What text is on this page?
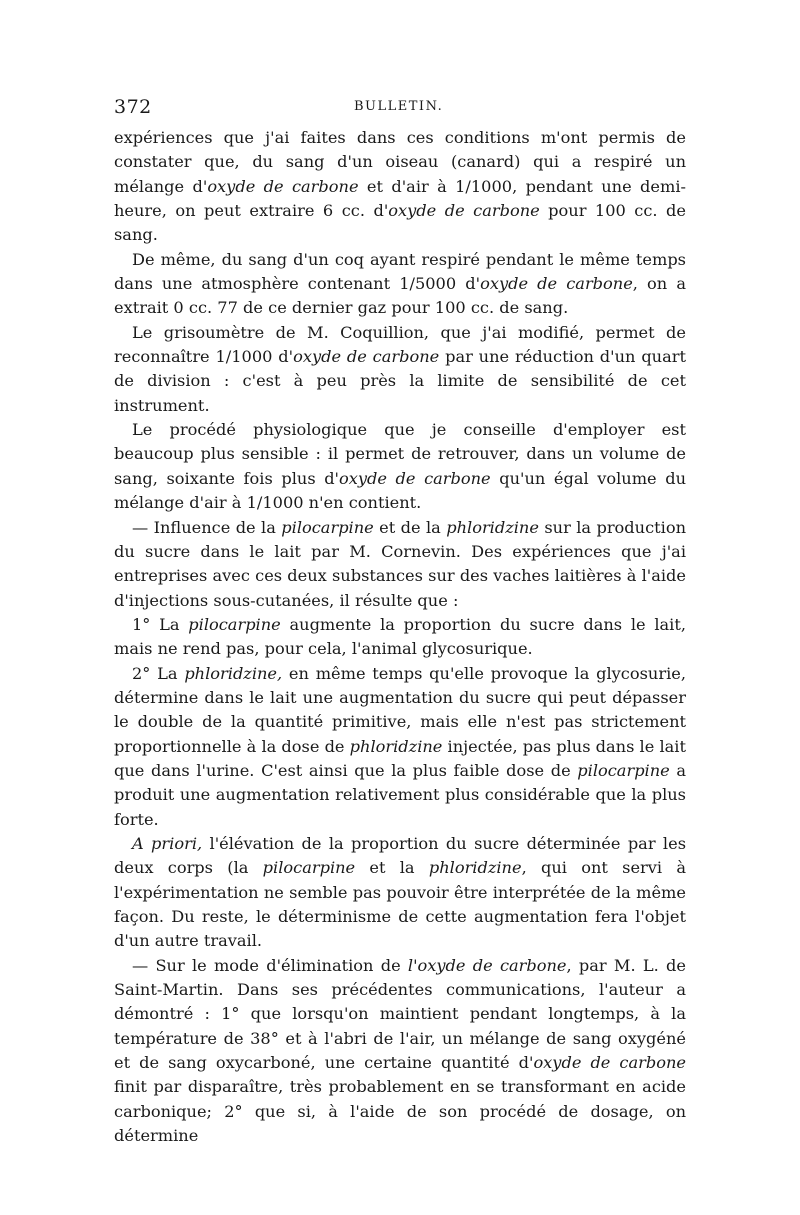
372	BULLETIN.

expériences que j'ai faites dans ces conditions m'ont permis de constater que, du sang d'un oiseau (canard) qui a respiré un mélange d'oxyde de carbone et d'air à 1/1000, pendant une demi-heure, on peut extraire 6 cc. d'oxyde de carbone pour 100 cc. de sang.

De même, du sang d'un coq ayant respiré pendant le même temps dans une atmosphère contenant 1/5000 d'oxyde de carbone, on a extrait 0 cc. 77 de ce dernier gaz pour 100 cc. de sang.

Le grisoumètre de M. Coquillion, que j'ai modifié, permet de reconnaître 1/1000 d'oxyde de carbone par une réduction d'un quart de division : c'est à peu près la limite de sensibilité de cet instrument.

Le procédé physiologique que je conseille d'employer est beaucoup plus sensible : il permet de retrouver, dans un volume de sang, soixante fois plus d'oxyde de carbone qu'un égal volume du mélange d'air à 1/1000 n'en contient.

— Influence de la pilocarpine et de la phloridzine sur la production du sucre dans le lait par M. Cornevin. Des expériences que j'ai entreprises avec ces deux substances sur des vaches laitières à l'aide d'injections sous-cutanées, il résulte que :

1° La pilocarpine augmente la proportion du sucre dans le lait, mais ne rend pas, pour cela, l'animal glycosurique.

2° La phloridzine, en même temps qu'elle provoque la glycosurie, détermine dans le lait une augmentation du sucre qui peut dépasser le double de la quantité primitive, mais elle n'est pas strictement proportionnelle à la dose de phloridzine injectée, pas plus dans le lait que dans l'urine. C'est ainsi que la plus faible dose de pilocarpine a produit une augmentation relativement plus considérable que la plus forte.

A priori, l'élévation de la proportion du sucre déterminée par les deux corps (la pilocarpine et la phloridzine, qui ont servi à l'expérimentation ne semble pas pouvoir être interprétée de la même façon. Du reste, le déterminisme de cette augmentation fera l'objet d'un autre travail.

— Sur le mode d'élimination de l'oxyde de carbone, par M. L. de Saint-Martin. Dans ses précédentes communications, l'auteur a démontré : 1° que lorsqu'on maintient pendant longtemps, à la température de 38° et à l'abri de l'air, un mélange de sang oxygéné et de sang oxycarboné, une certaine quantité d'oxyde de carbone finit par disparaître, très probablement en se transformant en acide carbonique; 2° que si, à l'aide de son procédé de dosage, on détermine
